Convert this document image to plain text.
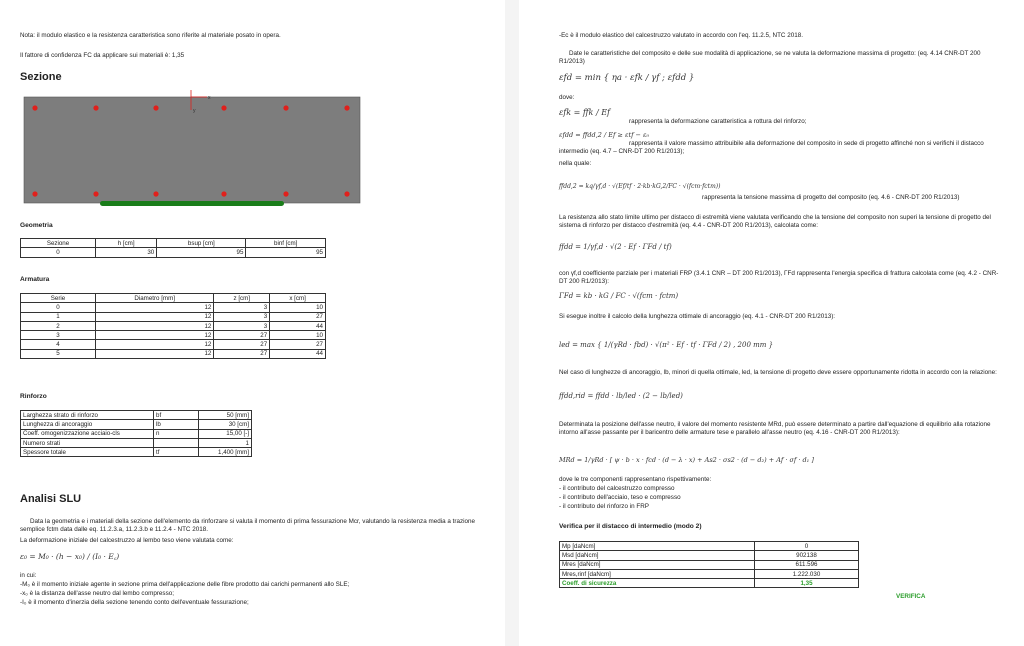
Nota: il modulo elastico e la resistenza caratteristica sono riferite al materiale posato in opera.
Il fattore di confidenza FC da applicare sui materiali è: 1,35
Sezione
x
y
Geometria
Sezione	h [cm]	bsup [cm]	binf [cm]
0	30	95	95
Armatura
Serie	Diametro [mm]	z [cm]	x [cm]
0	12	3	10
1	12	3	27
2	12	3	44
3	12	27	10
4	12	27	27
5	12	27	44
Rinforzo
Larghezza strato di rinforzo	bf	50 [mm]
Lunghezza di ancoraggio	lb	30 [cm]
Coeff. omogenizzazione acciaio-cls	n	15,00 [-]
Numero strati		1
Spessore totale	tf	1,400 [mm]
Analisi SLU
Data la geometria e i materiali della sezione dell'elemento da rinforzare si valuta il momento di prima fessurazione Mcr, valutando la resistenza media a trazione semplice fctm data dalle eq. 11.2.3.a, 11.2.3.b e 11.2.4 - NTC 2018.
La deformazione iniziale del calcestruzzo al lembo teso viene valutata come:
ε₀ = M₀ · (h − x₀) / (I₀ · E꜀)
in cui:
-M₀ è il momento iniziale agente in sezione prima dell'applicazione delle fibre prodotto dai carichi permanenti allo SLE;
-x₀ è la distanza dell'asse neutro dal lembo compresso;
-I₀ è il momento d'inerzia della sezione tenendo conto dell'eventuale fessurazione;
-Ec è il modulo elastico del calcestruzzo valutato in accordo con l'eq. 11.2.5, NTC 2018.
Date le caratteristiche del composito e delle sue modalità di applicazione, se ne valuta la deformazione massima di progetto: (eq. 4.14 CNR-DT 200 R1/2013)
εfd = min { ηa · εfk / γf ; εfdd }
dove:
εfk = ffk / Ef
rappresenta la deformazione caratteristica a rottura del rinforzo;
εfdd = ffdd,2 / Ef ≥ εtf − ε₀
rappresenta il valore massimo attribuibile alla deformazione del composito in sede di progetto affinché non si verifichi il distacco intermedio (eq. 4.7 – CNR-DT 200 R1/2013);
nella quale:
ffdd,2 = kq/γf,d · √(Ef/tf · 2·kb·kG,2/FC · √(fcm·fctm))
rappresenta la tensione massima di progetto del composito (eq. 4.6 - CNR-DT 200 R1/2013)
La resistenza allo stato limite ultimo per distacco di estremità viene valutata verificando che la tensione del composito non superi la tensione di progetto del sistema di rinforzo per distacco d'estremità (eq. 4.4 - CNR-DT 200 R1/2013), calcolata come:
ffdd = 1/γf,d · √(2 · Ef · ΓFd / tf)
con γf,d coefficiente parziale per i materiali FRP (3.4.1 CNR – DT 200 R1/2013), ΓFd rappresenta l'energia specifica di frattura calcolata come (eq. 4.2 - CNR-DT 200 R1/2013):
ΓFd = kb · kG / FC · √(fcm · fctm)
Si esegue inoltre il calcolo della lunghezza ottimale di ancoraggio (eq. 4.1 - CNR-DT 200 R1/2013):
led = max { 1/(γRd · fbd) · √(π² · Ef · tf · ΓFd / 2) , 200 mm }
Nel caso di lunghezze di ancoraggio, lb, minori di quella ottimale, led, la tensione di progetto deve essere opportunamente ridotta in accordo con la relazione:
ffdd,rid = ffdd · lb/led · (2 − lb/led)
Determinata la posizione dell'asse neutro, il valore del momento resistente MRd, può essere determinato a partire dall'equazione di equilibrio alla rotazione intorno all'asse passante per il baricentro delle armature tese e parallelo all'asse neutro (eq. 4.16 - CNR-DT 200 R1/2013):
MRd = 1/γRd · [ ψ · b · x · fcd · (d − λ · x) + As2 · σs2 · (d − d₂) + Af · σf · d₁ ]
dove le tre componenti rappresentano rispettivamente:
- il contributo del calcestruzzo compresso
- il contributo dell'acciaio, teso e compresso
- il contributo del rinforzo in FRP
Verifica per il distacco di intermedio (modo 2)
Mp [daNcm]	0
Msd [daNcm]	902138
Mres [daNcm]	611.596
Mres,rinf [daNcm]	1.222.030
Coeff. di sicurezza	1,35
VERIFICA
